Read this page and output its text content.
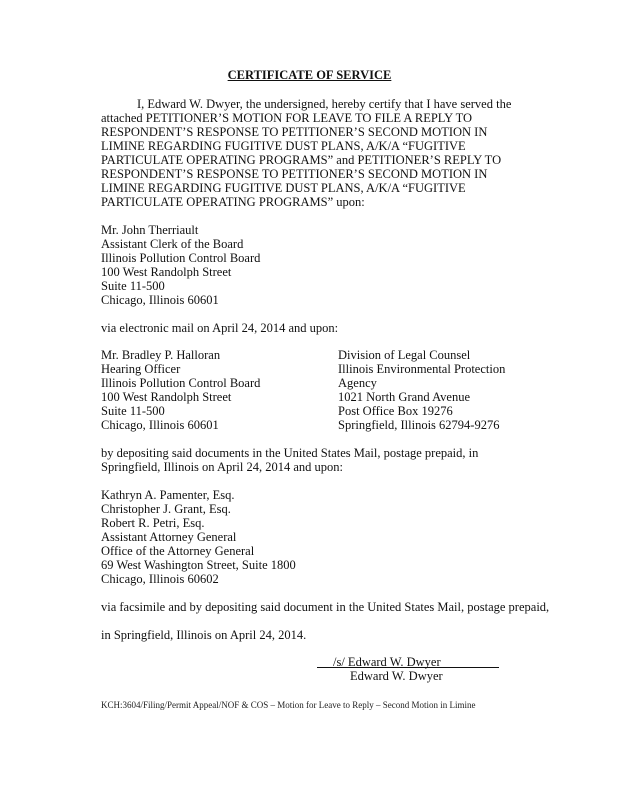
CERTIFICATE OF SERVICE

I, Edward W. Dwyer, the undersigned, hereby certify that I have served the attached PETITIONER’S MOTION FOR LEAVE TO FILE A REPLY TO RESPONDENT’S RESPONSE TO PETITIONER’S SECOND MOTION IN LIMINE REGARDING FUGITIVE DUST PLANS, A/K/A “FUGITIVE PARTICULATE OPERATING PROGRAMS” and PETITIONER’S REPLY TO RESPONDENT’S RESPONSE TO PETITIONER’S SECOND MOTION IN LIMINE REGARDING FUGITIVE DUST PLANS, A/K/A “FUGITIVE PARTICULATE OPERATING PROGRAMS” upon:

Mr. John Therriault
Assistant Clerk of the Board
Illinois Pollution Control Board
100 West Randolph Street
Suite 11-500
Chicago, Illinois 60601
via electronic mail on April 24, 2014 and upon:
Mr. Bradley P. Halloran
Hearing Officer
Illinois Pollution Control Board
100 West Randolph Street
Suite 11-500
Chicago, Illinois 60601
Division of Legal Counsel
Illinois Environmental Protection
Agency
1021 North Grand Avenue
Post Office Box 19276
Springfield, Illinois 62794-9276

by depositing said documents in the United States Mail, postage prepaid, in Springfield, Illinois on April 24, 2014 and upon:

Kathryn A. Pamenter, Esq.
Christopher J. Grant, Esq.
Robert R. Petri, Esq.
Assistant Attorney General
Office of the Attorney General
69 West Washington Street, Suite 1800
Chicago, Illinois 60602
via facsimile and by depositing said document in the United States Mail, postage prepaid,
in Springfield, Illinois on April 24, 2014.
/s/ Edward W. Dwyer
Edward W. Dwyer
KCH:3604/Filing/Permit Appeal/NOF & COS – Motion for Leave to Reply – Second Motion in Limine
